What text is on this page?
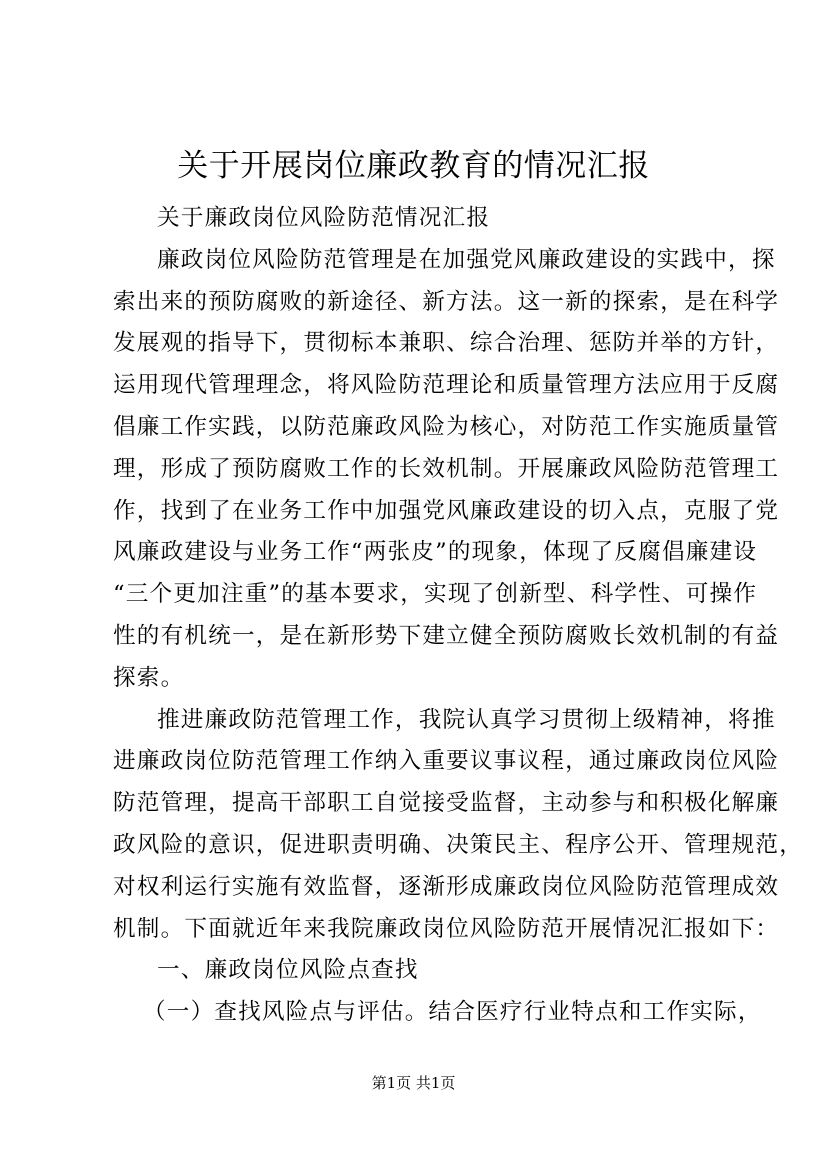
关于开展岗位廉政教育的情况汇报
关于廉政岗位风险防范情况汇报
廉政岗位风险防范管理是在加强党风廉政建设的实践中，探
索出来的预防腐败的新途径、新方法。这一新的探索，是在科学
发展观的指导下，贯彻标本兼职、综合治理、惩防并举的方针，
运用现代管理理念，将风险防范理论和质量管理方法应用于反腐
倡廉工作实践，以防范廉政风险为核心，对防范工作实施质量管
理，形成了预防腐败工作的长效机制。开展廉政风险防范管理工
作，找到了在业务工作中加强党风廉政建设的切入点，克服了党
风廉政建设与业务工作“两张皮”的现象，体现了反腐倡廉建设
“三个更加注重”的基本要求，实现了创新型、科学性、可操作
性的有机统一，是在新形势下建立健全预防腐败长效机制的有益
探索。
推进廉政防范管理工作，我院认真学习贯彻上级精神，将推
进廉政岗位防范管理工作纳入重要议事议程，通过廉政岗位风险
防范管理，提高干部职工自觉接受监督，主动参与和积极化解廉
政风险的意识，促进职责明确、决策民主、程序公开、管理规范，
对权利运行实施有效监督，逐渐形成廉政岗位风险防范管理成效
机制。下面就近年来我院廉政岗位风险防范开展情况汇报如下：
一、廉政岗位风险点查找
（一）查找风险点与评估。结合医疗行业特点和工作实际，
第1页 共1页
